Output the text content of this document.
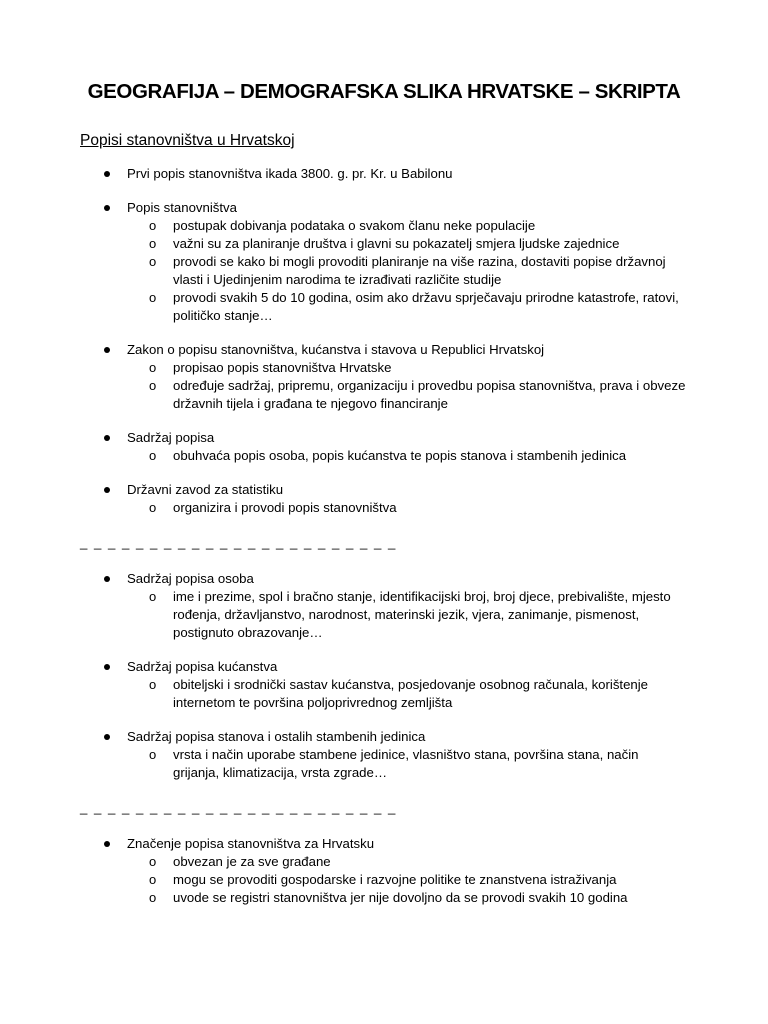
GEOGRAFIJA – DEMOGRAFSKA SLIKA HRVATSKE – SKRIPTA
Popisi stanovništva u Hrvatskoj
Prvi popis stanovništva ikada 3800. g. pr. Kr. u Babilonu
Popis stanovništva
o postupak dobivanja podataka o svakom članu neke populacije
o važni su za planiranje društva i glavni su pokazatelj smjera ljudske zajednice
o provodi se kako bi mogli provoditi planiranje na više razina, dostaviti popise državnoj vlasti i Ujedinjenim narodima te izrađivati različite studije
o provodi svakih 5 do 10 godina, osim ako državu sprječavaju prirodne katastrofe, ratovi, političko stanje…
Zakon o popisu stanovništva, kućanstva i stavova u Republici Hrvatskoj
o propisao popis stanovništva Hrvatske
o određuje sadržaj, pripremu, organizaciju i provedbu popisa stanovništva, prava i obveze državnih tijela i građana te njegovo financiranje
Sadržaj popisa
o obuhvaća popis osoba, popis kućanstva te popis stanova i stambenih jedinica
Državni zavod za statistiku
o organizira i provodi popis stanovništva
_ _ _ _ _ _ _ _ _ _ _ _ _ _ _ _ _ _ _ _ _ _ _
Sadržaj popisa osoba
o ime i prezime, spol i bračno stanje, identifikacijski broj, broj djece, prebivalište, mjesto rođenja, državljanstvo, narodnost, materinski jezik, vjera, zanimanje, pismenost, postignuto obrazovanje…
Sadržaj popisa kućanstva
o obiteljski i srodnički sastav kućanstva, posjedovanje osobnog računala, korištenje internetom te površina poljoprivrednog zemljišta
Sadržaj popisa stanova i ostalih stambenih jedinica
o vrsta i način uporabe stambene jedinice, vlasništvo stana, površina stana, način grijanja, klimatizacija, vrsta zgrade…
_ _ _ _ _ _ _ _ _ _ _ _ _ _ _ _ _ _ _ _ _ _ _
Značenje popisa stanovništva za Hrvatsku
o obvezan je za sve građane
o mogu se provoditi gospodarske i razvojne politike te znanstvena istraživanja
o uvode se registri stanovništva jer nije dovoljno da se provodi svakih 10 godina
